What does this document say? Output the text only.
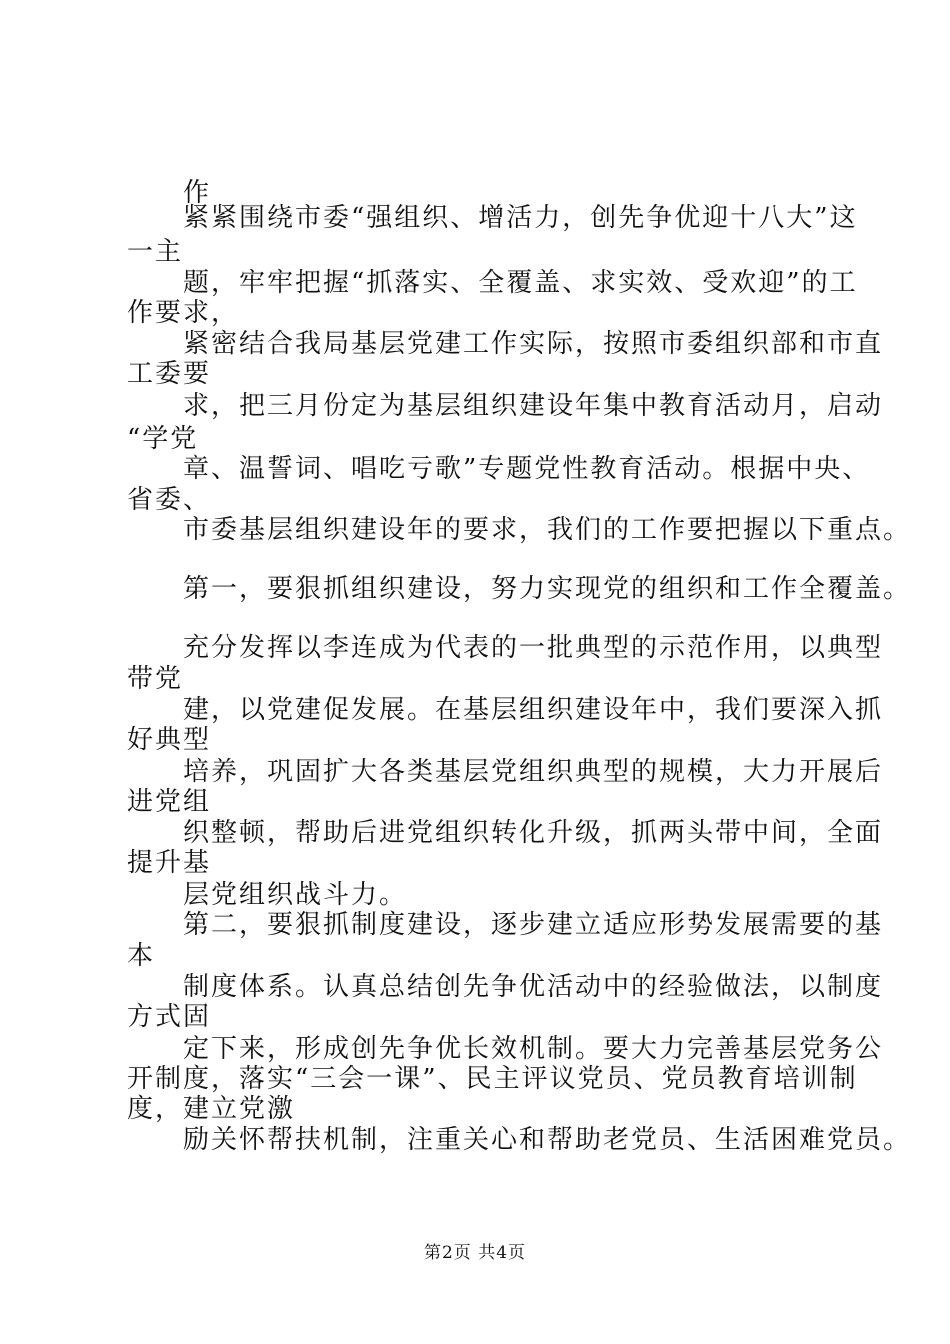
作
紧紧围绕市委“强组织、增活力，创先争优迎十八大”这
一主
题，牢牢把握“抓落实、全覆盖、求实效、受欢迎”的工
作要求，
紧密结合我局基层党建工作实际，按照市委组织部和市直
工委要
求，把三月份定为基层组织建设年集中教育活动月，启动
“学党
章、温誓词、唱吃亏歌”专题党性教育活动。根据中央、
省委、
市委基层组织建设年的要求，我们的工作要把握以下重点。
第一，要狠抓组织建设，努力实现党的组织和工作全覆盖。
充分发挥以李连成为代表的一批典型的示范作用，以典型
带党
建，以党建促发展。在基层组织建设年中，我们要深入抓
好典型
培养，巩固扩大各类基层党组织典型的规模，大力开展后
进党组
织整顿，帮助后进党组织转化升级，抓两头带中间，全面
提升基
层党组织战斗力。
第二，要狠抓制度建设，逐步建立适应形势发展需要的基
本
制度体系。认真总结创先争优活动中的经验做法，以制度
方式固
定下来，形成创先争优长效机制。要大力完善基层党务公
开制度，落实“三会一课”、民主评议党员、党员教育培训制
度，建立党激
励关怀帮扶机制，注重关心和帮助老党员、生活困难党员。
第2页 共4页
